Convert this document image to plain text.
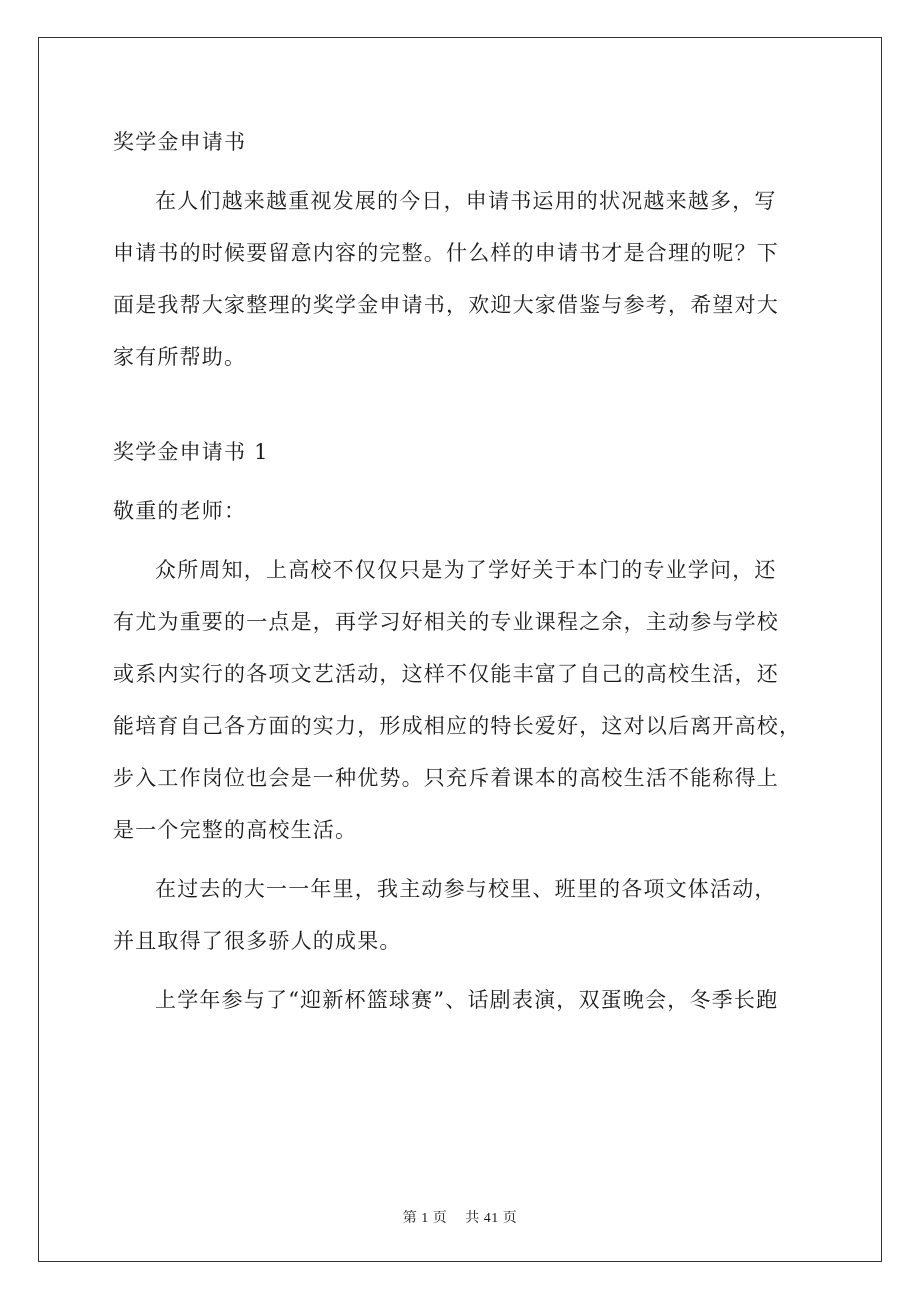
奖学金申请书

在人们越来越重视发展的今日，申请书运用的状况越来越多，写
申请书的时候要留意内容的完整。什么样的申请书才是合理的呢？下
面是我帮大家整理的奖学金申请书，欢迎大家借鉴与参考，希望对大
家有所帮助。

奖学金申请书 1

敬重的老师：

众所周知，上高校不仅仅只是为了学好关于本门的专业学问，还
有尤为重要的一点是，再学习好相关的专业课程之余，主动参与学校
或系内实行的各项文艺活动，这样不仅能丰富了自己的高校生活，还
能培育自己各方面的实力，形成相应的特长爱好，这对以后离开高校，
步入工作岗位也会是一种优势。只充斥着课本的高校生活不能称得上
是一个完整的高校生活。

在过去的大一一年里，我主动参与校里、班里的各项文体活动，
并且取得了很多骄人的成果。

上学年参与了“迎新杯篮球赛”、话剧表演，双蛋晚会，冬季长跑

第 1 页 共 41 页
